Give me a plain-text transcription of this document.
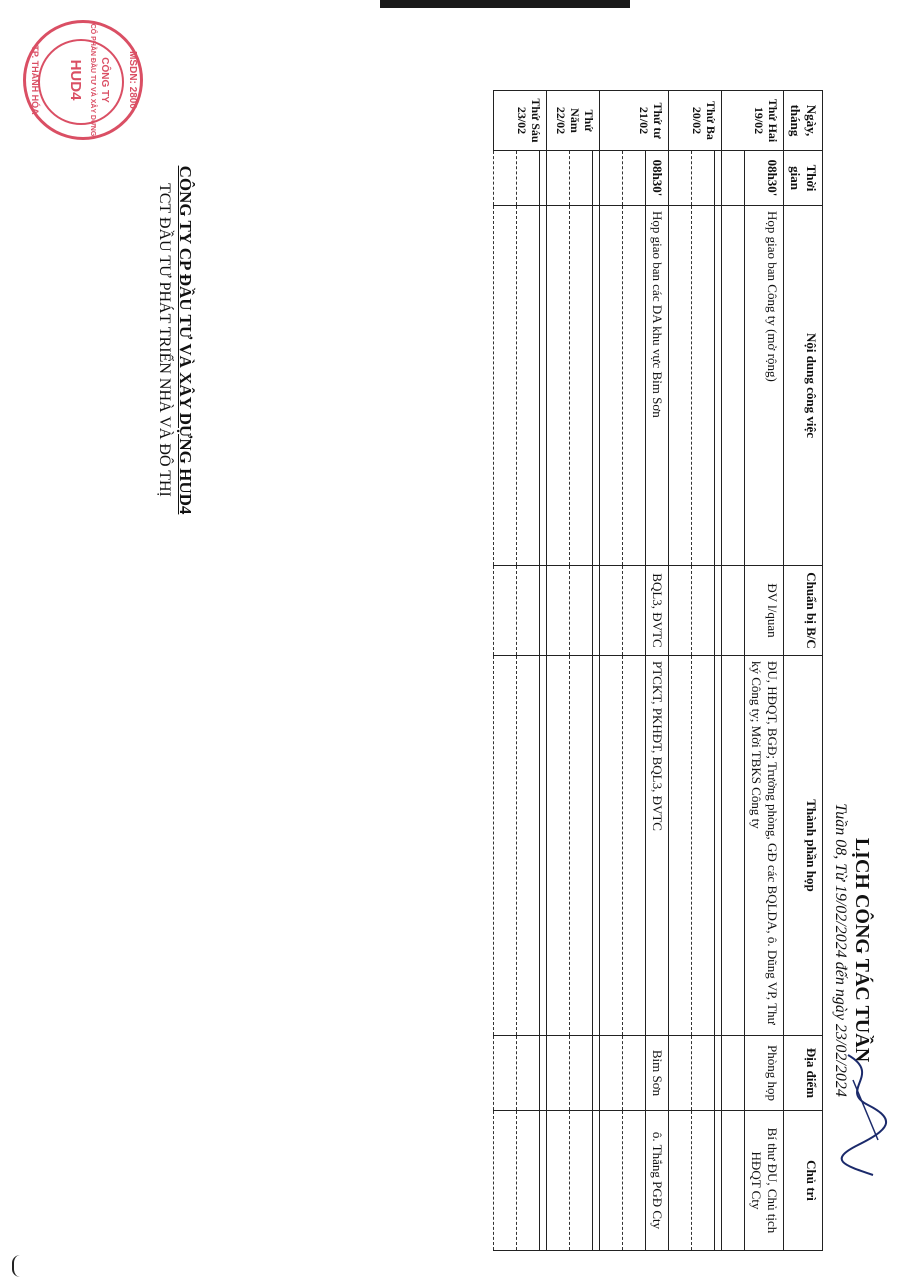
TCT ĐẦU TƯ PHÁT TRIỂN NHÀ VÀ ĐÔ THỊ CÔNG TY CP ĐẦU TƯ VÀ XÂY DỰNG HUD4
LỊCH CÔNG TÁC TUẦN
Tuần 08, Từ 19/02/2024 đến ngày 23/02/2024
Ngày, tháng	Thời gian	Nội dung công việc	Chuẩn bị B/C	Thành phần họp	Địa điểm	Chủ trì
Thứ Hai 19/02	08h30'	Họp giao ban Công ty (mở rộng)	ĐV l/quan	ĐU, HĐQT, BGĐ; Trưởng phòng, GĐ các BQLDA, ô. Dũng VP, Thư ký Công ty; Mời TBKS Công ty	Phòng họp	Bí thư ĐU, Chủ tịch HĐQT Cty

Thứ Ba 20/02						

Thứ tư 21/02	08h30'	Họp giao ban các DA khu vực Bỉm Sơn	BQL3, ĐVTC	PTCKT, PKHĐT, BQL3, ĐVTC	Bỉm Sơn	ô. Thắng PGĐ Cty

Thứ Năm 22/02						

Thứ Sáu 23/02						

MSDN: 2800
CÔNG TY
CỔ PHẦN ĐẦU TƯ VÀ XÂY DỰNG
HUD4
TP. THANH HÓA
